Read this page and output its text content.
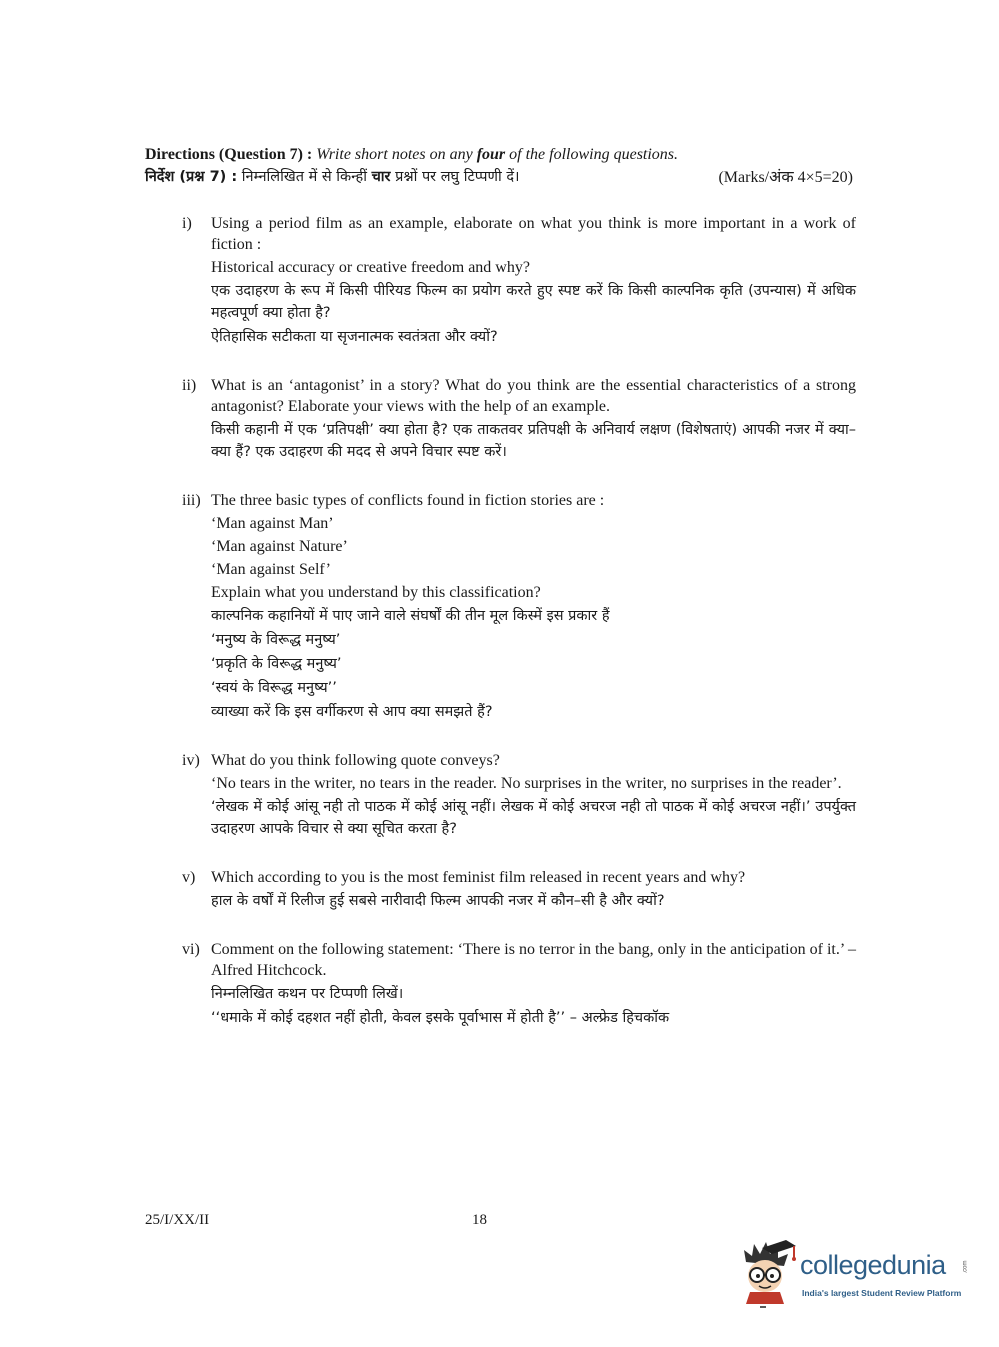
Directions (Question 7) : Write short notes on any four of the following questions.
निर्देश (प्रश्न 7) : निम्नलिखित में से किन्हीं चार प्रश्नों पर लघु टिप्पणी दें।	(Marks/अंक 4×5=20)
i)	Using a period film as an example, elaborate on what you think is more important in a work of fiction :

Historical accuracy or creative freedom and why?

एक उदाहरण के रूप में किसी पीरियड फिल्म का प्रयोग करते हुए स्पष्ट करें कि किसी काल्पनिक कृति (उपन्यास) में अधिक महत्वपूर्ण क्या होता है?

ऐतिहासिक सटीकता या सृजनात्मक स्वतंत्रता और क्यों?

ii) What is an ‘antagonist’ in a story? What do you think are the essential characteristics of a strong antagonist? Elaborate your views with the help of an example.

किसी कहानी में एक ‘प्रतिपक्षी’ क्या होता है? एक ताकतवर प्रतिपक्षी के अनिवार्य लक्षण (विशेषताएं) आपकी नजर में क्या–क्या हैं? एक उदाहरण की मदद से अपने विचार स्पष्ट करें।

iii) The three basic types of conflicts found in fiction stories are :

‘Man against Man’

‘Man against Nature’

‘Man against Self’

Explain what you understand by this classification?

काल्पनिक कहानियों में पाए जाने वाले संघर्षों की तीन मूल किस्में इस प्रकार हैं

‘मनुष्य के विरूद्ध मनुष्य’

‘प्रकृति के विरूद्ध मनुष्य’

‘स्वयं के विरूद्ध मनुष्य’’

व्याख्या करें कि इस वर्गीकरण से आप क्या समझते हैं?

iv) What do you think following quote conveys?

‘No tears in the writer, no tears in the reader. No surprises in the writer, no surprises in the reader’.

‘लेखक में कोई आंसू नही तो पाठक में कोई आंसू नहीं। लेखक में कोई अचरज नही तो पाठक में कोई अचरज नहीं।’ उपर्युक्त उदाहरण आपके विचार से क्या सूचित करता है?

v) Which according to you is the most feminist film released in recent years and why?

हाल के वर्षों में रिलीज हुई सबसे नारीवादी फिल्म आपकी नजर में कौन–सी है और क्यों?

vi) Comment on the following statement: ‘There is no terror in the bang, only in the anticipation of it.’ – Alfred Hitchcock.

निम्नलिखित कथन पर टिप्पणी लिखें।

‘‘धमाके में कोई दहशत नहीं होती, केवल इसके पूर्वाभास में होती है’’ – अल्फ्रेड हिचकॉक

25/I/XX/II	18
collegedunia	.com
India's largest Student Review Platform
